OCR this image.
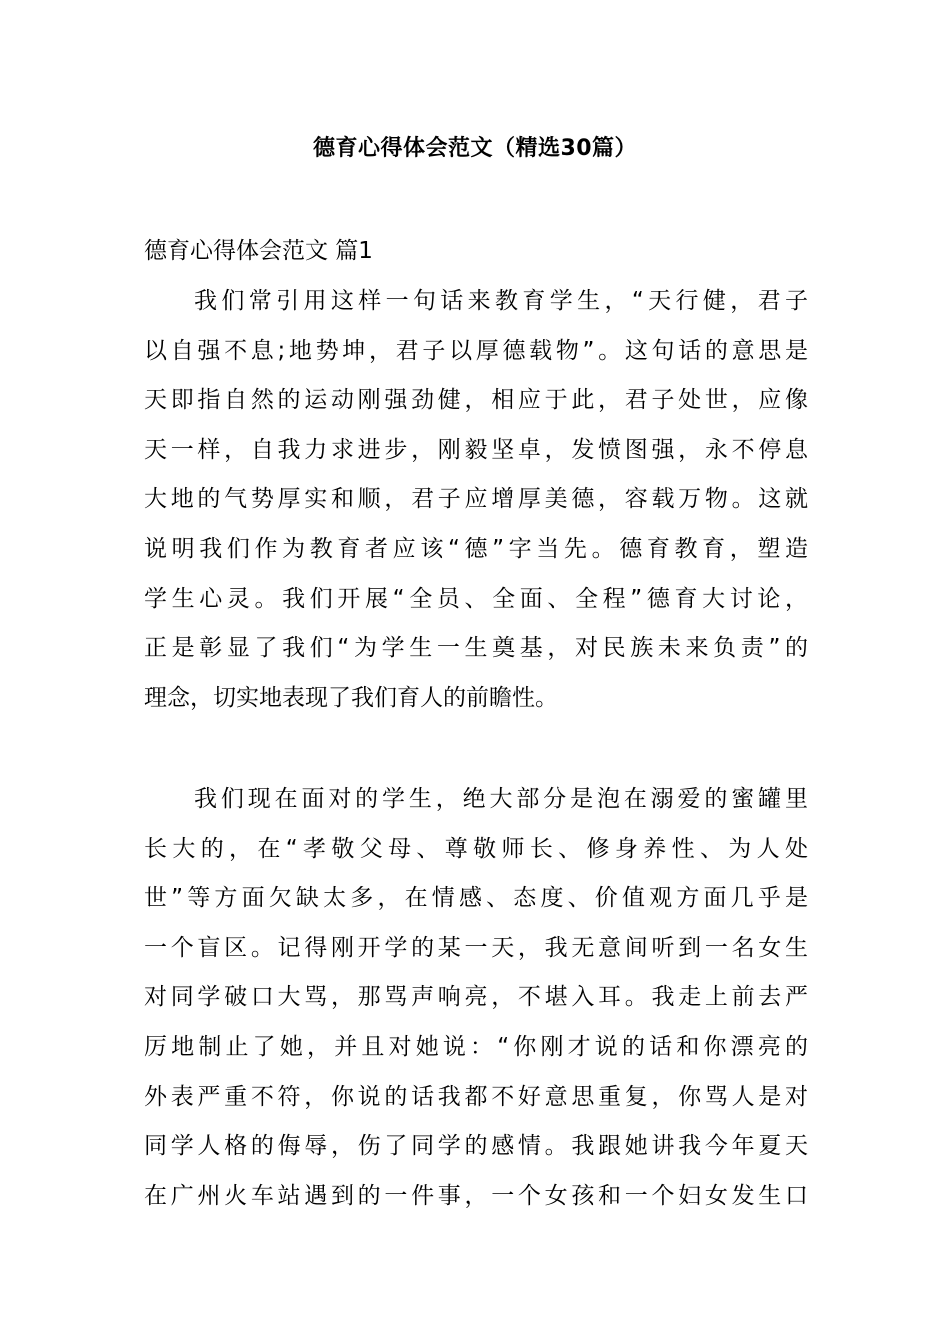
德育心得体会范文（精选30篇）
德育心得体会范文 篇1
我们常引用这样一句话来教育学生，“天行健，君子
以自强不息;地势坤，君子以厚德载物”。这句话的意思是
天即指自然的运动刚强劲健，相应于此，君子处世，应像
天一样，自我力求进步，刚毅坚卓，发愤图强，永不停息
大地的气势厚实和顺，君子应增厚美德，容载万物。这就
说明我们作为教育者应该“德”字当先。德育教育，塑造
学生心灵。我们开展“全员、全面、全程”德育大讨论，
正是彰显了我们“为学生一生奠基，对民族未来负责”的
理念，切实地表现了我们育人的前瞻性。
我们现在面对的学生，绝大部分是泡在溺爱的蜜罐里
长大的，在“孝敬父母、尊敬师长、修身养性、为人处
世”等方面欠缺太多，在情感、态度、价值观方面几乎是
一个盲区。记得刚开学的某一天，我无意间听到一名女生
对同学破口大骂，那骂声响亮，不堪入耳。我走上前去严
厉地制止了她，并且对她说：“你刚才说的话和你漂亮的
外表严重不符，你说的话我都不好意思重复，你骂人是对
同学人格的侮辱，伤了同学的感情。我跟她讲我今年夏天
在广州火车站遇到的一件事，一个女孩和一个妇女发生口
